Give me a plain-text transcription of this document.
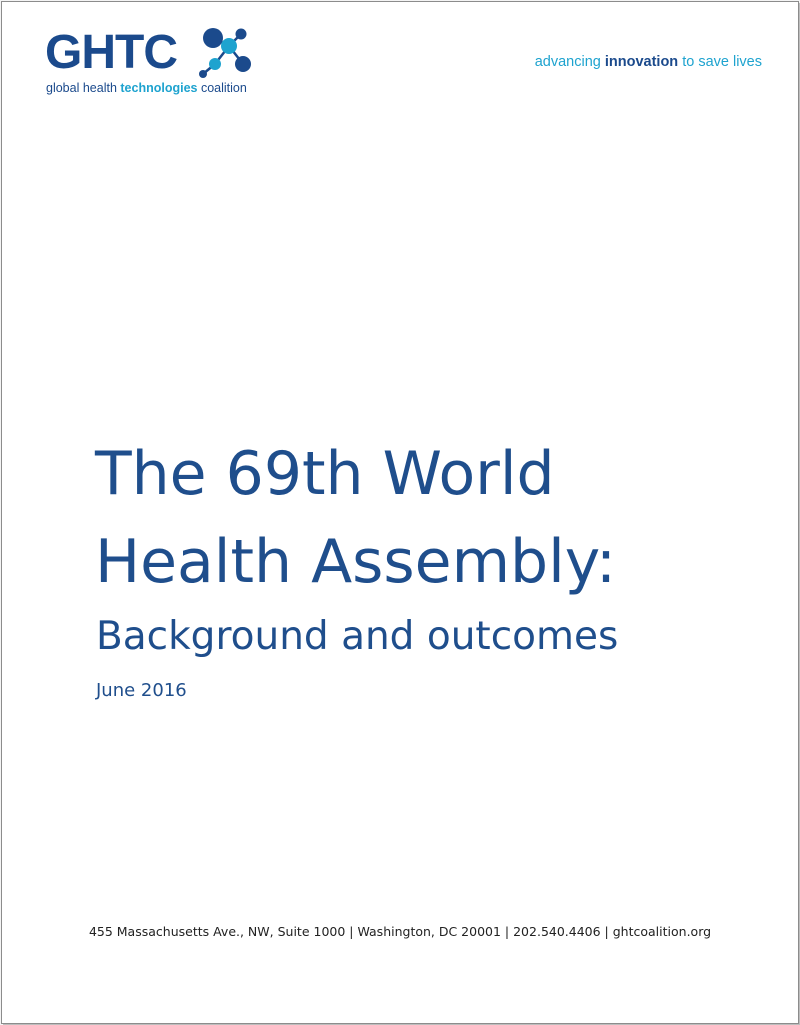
GHTC
global health technologies coalition
advancing innovation to save lives
The 69th World
Health Assembly:
Background and outcomes
June 2016
455 Massachusetts Ave., NW, Suite 1000 | Washington, DC 20001 | 202.540.4406 | ghtcoalition.org
